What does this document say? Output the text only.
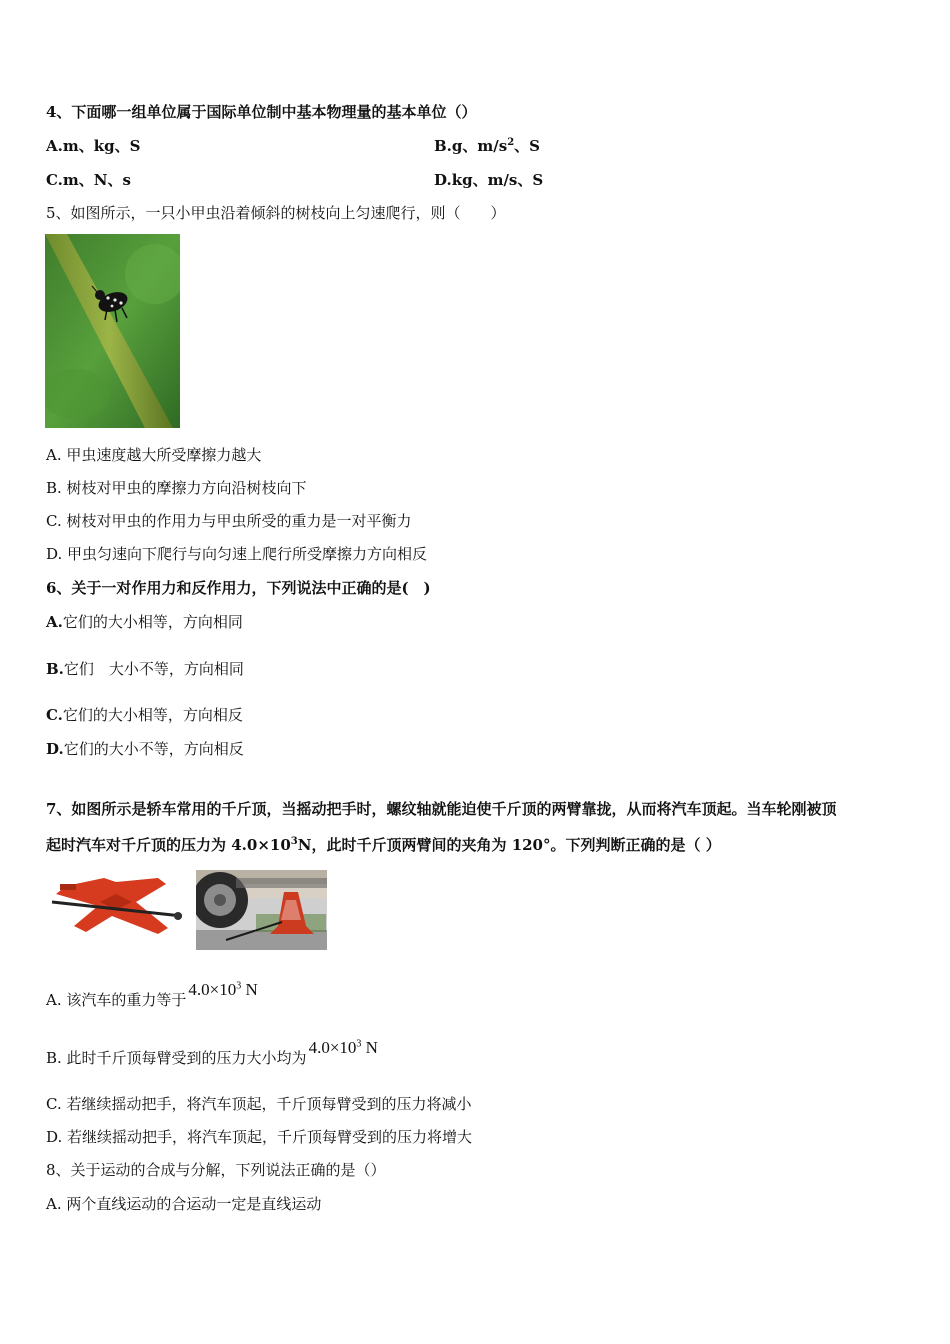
4、下面哪一组单位属于国际单位制中基本物理量的基本单位（）
A.m、kg、S	B.g、$m/s^2$、S
C.m、N、s	D.kg、m/s、S
5、如图所示，一只小甲虫沿着倾斜的树枝向上匀速爬行，则（　　）
A. 甲虫速度越大所受摩擦力越大
B. 树枝对甲虫的摩擦力方向沿树枝向下
C. 树枝对甲虫的作用力与甲虫所受的重力是一对平衡力
D. 甲虫匀速向下爬行与向匀速上爬行所受摩擦力方向相反
6、关于一对作用力和反作用力，下列说法中正确的是(　)
A.它们的大小相等，方向相同
B.它们　大小不等，方向相同
C.它们的大小相等，方向相反
D.它们的大小不等，方向相反
7、如图所示是轿车常用的千斤顶，当摇动把手时，螺纹轴就能迫使千斤顶的两臂靠拢，从而将汽车顶起。当车轮刚被顶
起时汽车对千斤顶的压力为 $4.0\times 10^3N$，此时千斤顶两臂间的夹角为 120°。下列判断正确的是（ ）
A. 该汽车的重力等于$4.0\times 10^3$ N
B. 此时千斤顶每臂受到的压力大小均为$4.0\times 10^3$ N
C. 若继续摇动把手，将汽车顶起，千斤顶每臂受到的压力将减小
D. 若继续摇动把手，将汽车顶起，千斤顶每臂受到的压力将增大
8、关于运动的合成与分解，下列说法正确的是（）
A. 两个直线运动的合运动一定是直线运动
